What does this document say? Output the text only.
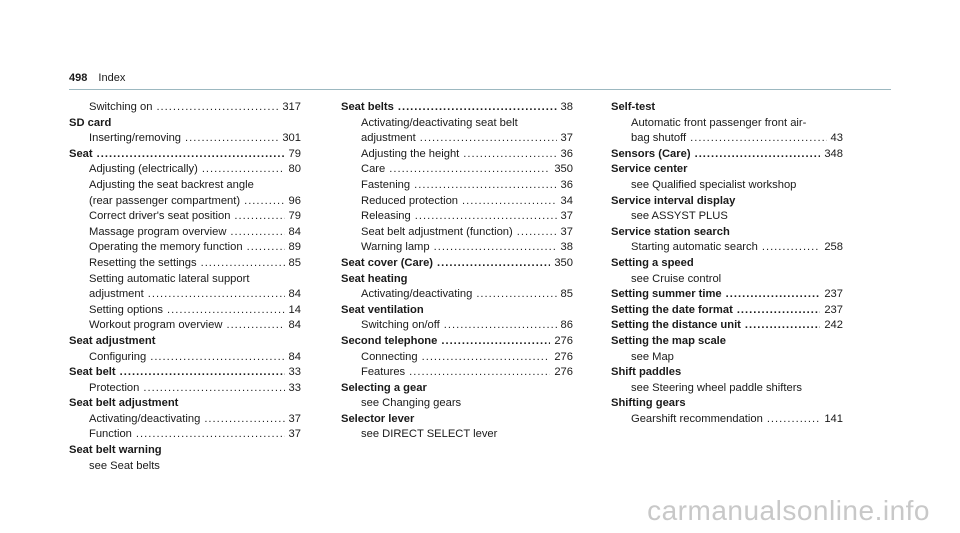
498 Index
Switching on .....	317
SD card
Inserting/removing .....	301
Seat .....	79
Adjusting (electrically) .....	80
Adjusting the seat backrest angle
(rear passenger compartment) .....	96
Correct driver's seat position .....	79
Massage program overview .....	84
Operating the memory function .....	89
Resetting the settings .....	85
Setting automatic lateral support
adjustment .....	84
Setting options .....	14
Workout program overview .....	84
Seat adjustment
Configuring .....	84
Seat belt .....	33
Protection .....	33
Seat belt adjustment
Activating/deactivating .....	37
Function .....	37
Seat belt warning
see Seat belts
Seat belts .....	38
Activating/deactivating seat belt
adjustment .....	37
Adjusting the height .....	36
Care .....	350
Fastening .....	36
Reduced protection .....	34
Releasing .....	37
Seat belt adjustment (function) .....	37
Warning lamp .....	38
Seat cover (Care) .....	350
Seat heating
Activating/deactivating .....	85
Seat ventilation
Switching on/off .....	86
Second telephone .....	276
Connecting .....	276
Features .....	276
Selecting a gear
see Changing gears
Selector lever
see DIRECT SELECT lever
Self-test
Automatic front passenger front air-
bag shutoff .....	43
Sensors (Care) .....	348
Service center
see Qualified specialist workshop
Service interval display
see ASSYST PLUS
Service station search
Starting automatic search .....	258
Setting a speed
see Cruise control
Setting summer time .....	237
Setting the date format .....	237
Setting the distance unit .....	242
Setting the map scale
see Map
Shift paddles
see Steering wheel paddle shifters
Shifting gears
Gearshift recommendation .....	141
carmanualsonline.info
